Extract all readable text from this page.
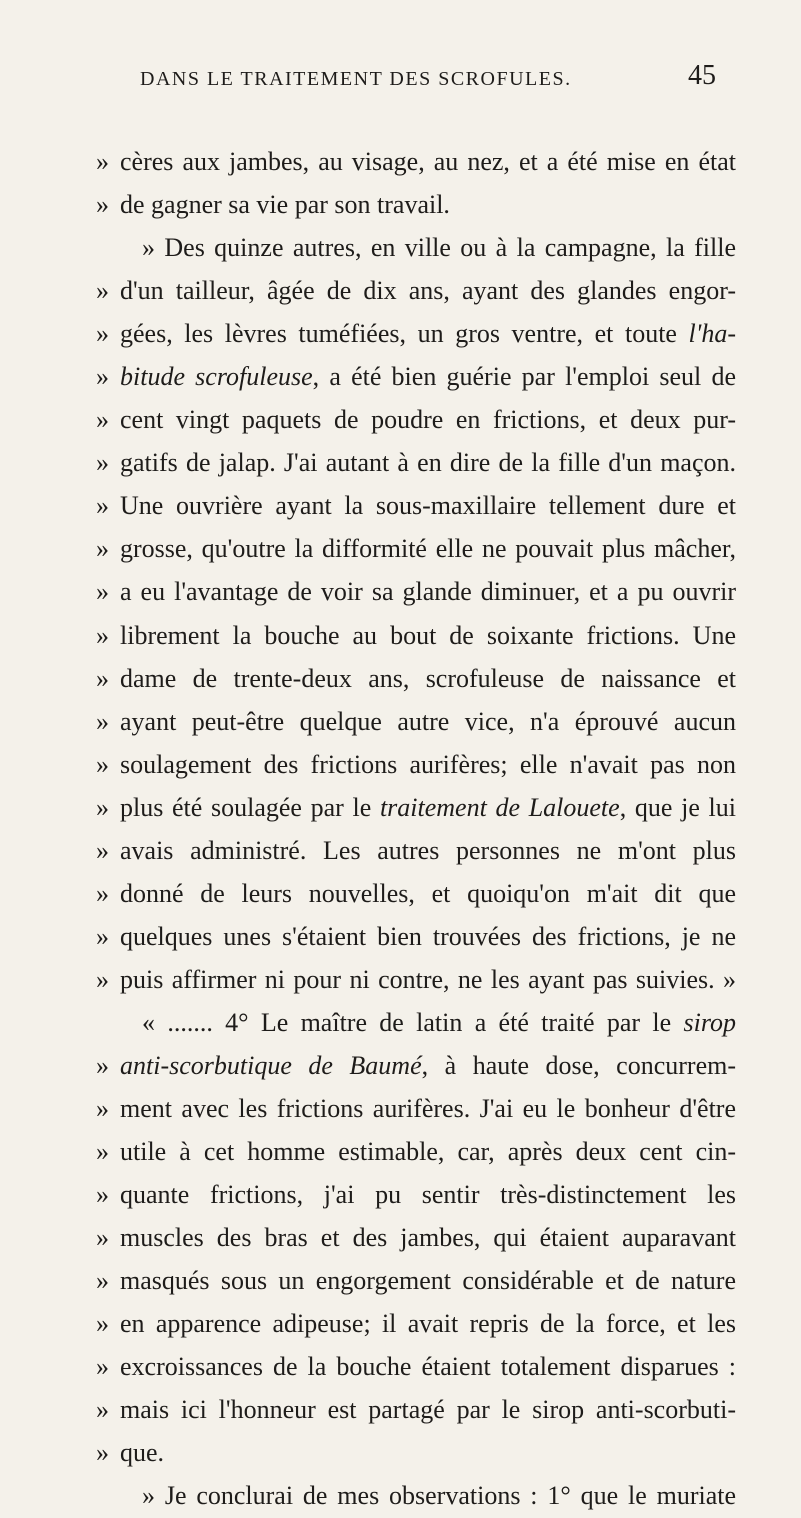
DANS LE TRAITEMENT DES SCROFULES.	45
» cères aux jambes, au visage, au nez, et a été mise en état
» de gagner sa vie par son travail.
» Des quinze autres, en ville ou à la campagne, la fille
» d'un tailleur, âgée de dix ans, ayant des glandes engor-
» gées, les lèvres tuméfiées, un gros ventre, et toute l'ha-
» bitude scrofuleuse, a été bien guérie par l'emploi seul de
» cent vingt paquets de poudre en frictions, et deux pur-
» gatifs de jalap. J'ai autant à en dire de la fille d'un maçon.
» Une ouvrière ayant la sous-maxillaire tellement dure et
» grosse, qu'outre la difformité elle ne pouvait plus mâcher,
» a eu l'avantage de voir sa glande diminuer, et a pu ouvrir
» librement la bouche au bout de soixante frictions. Une
» dame de trente-deux ans, scrofuleuse de naissance et
» ayant peut-être quelque autre vice, n'a éprouvé aucun
» soulagement des frictions aurifères; elle n'avait pas non
» plus été soulagée par le traitement de Lalouete, que je lui
» avais administré. Les autres personnes ne m'ont plus
» donné de leurs nouvelles, et quoiqu'on m'ait dit que
» quelques unes s'étaient bien trouvées des frictions, je ne
» puis affirmer ni pour ni contre, ne les ayant pas suivies. »
« ....... 4° Le maître de latin a été traité par le sirop
» anti-scorbutique de Baumé, à haute dose, concurrem-
» ment avec les frictions aurifères. J'ai eu le bonheur d'être
» utile à cet homme estimable, car, après deux cent cin-
» quante frictions, j'ai pu sentir très-distinctement les
» muscles des bras et des jambes, qui étaient auparavant
» masqués sous un engorgement considérable et de nature
» en apparence adipeuse; il avait repris de la force, et les
» excroissances de la bouche étaient totalement disparues :
» mais ici l'honneur est partagé par le sirop anti-scorbuti-
» que.
» Je conclurai de mes observations : 1° que le muriate
